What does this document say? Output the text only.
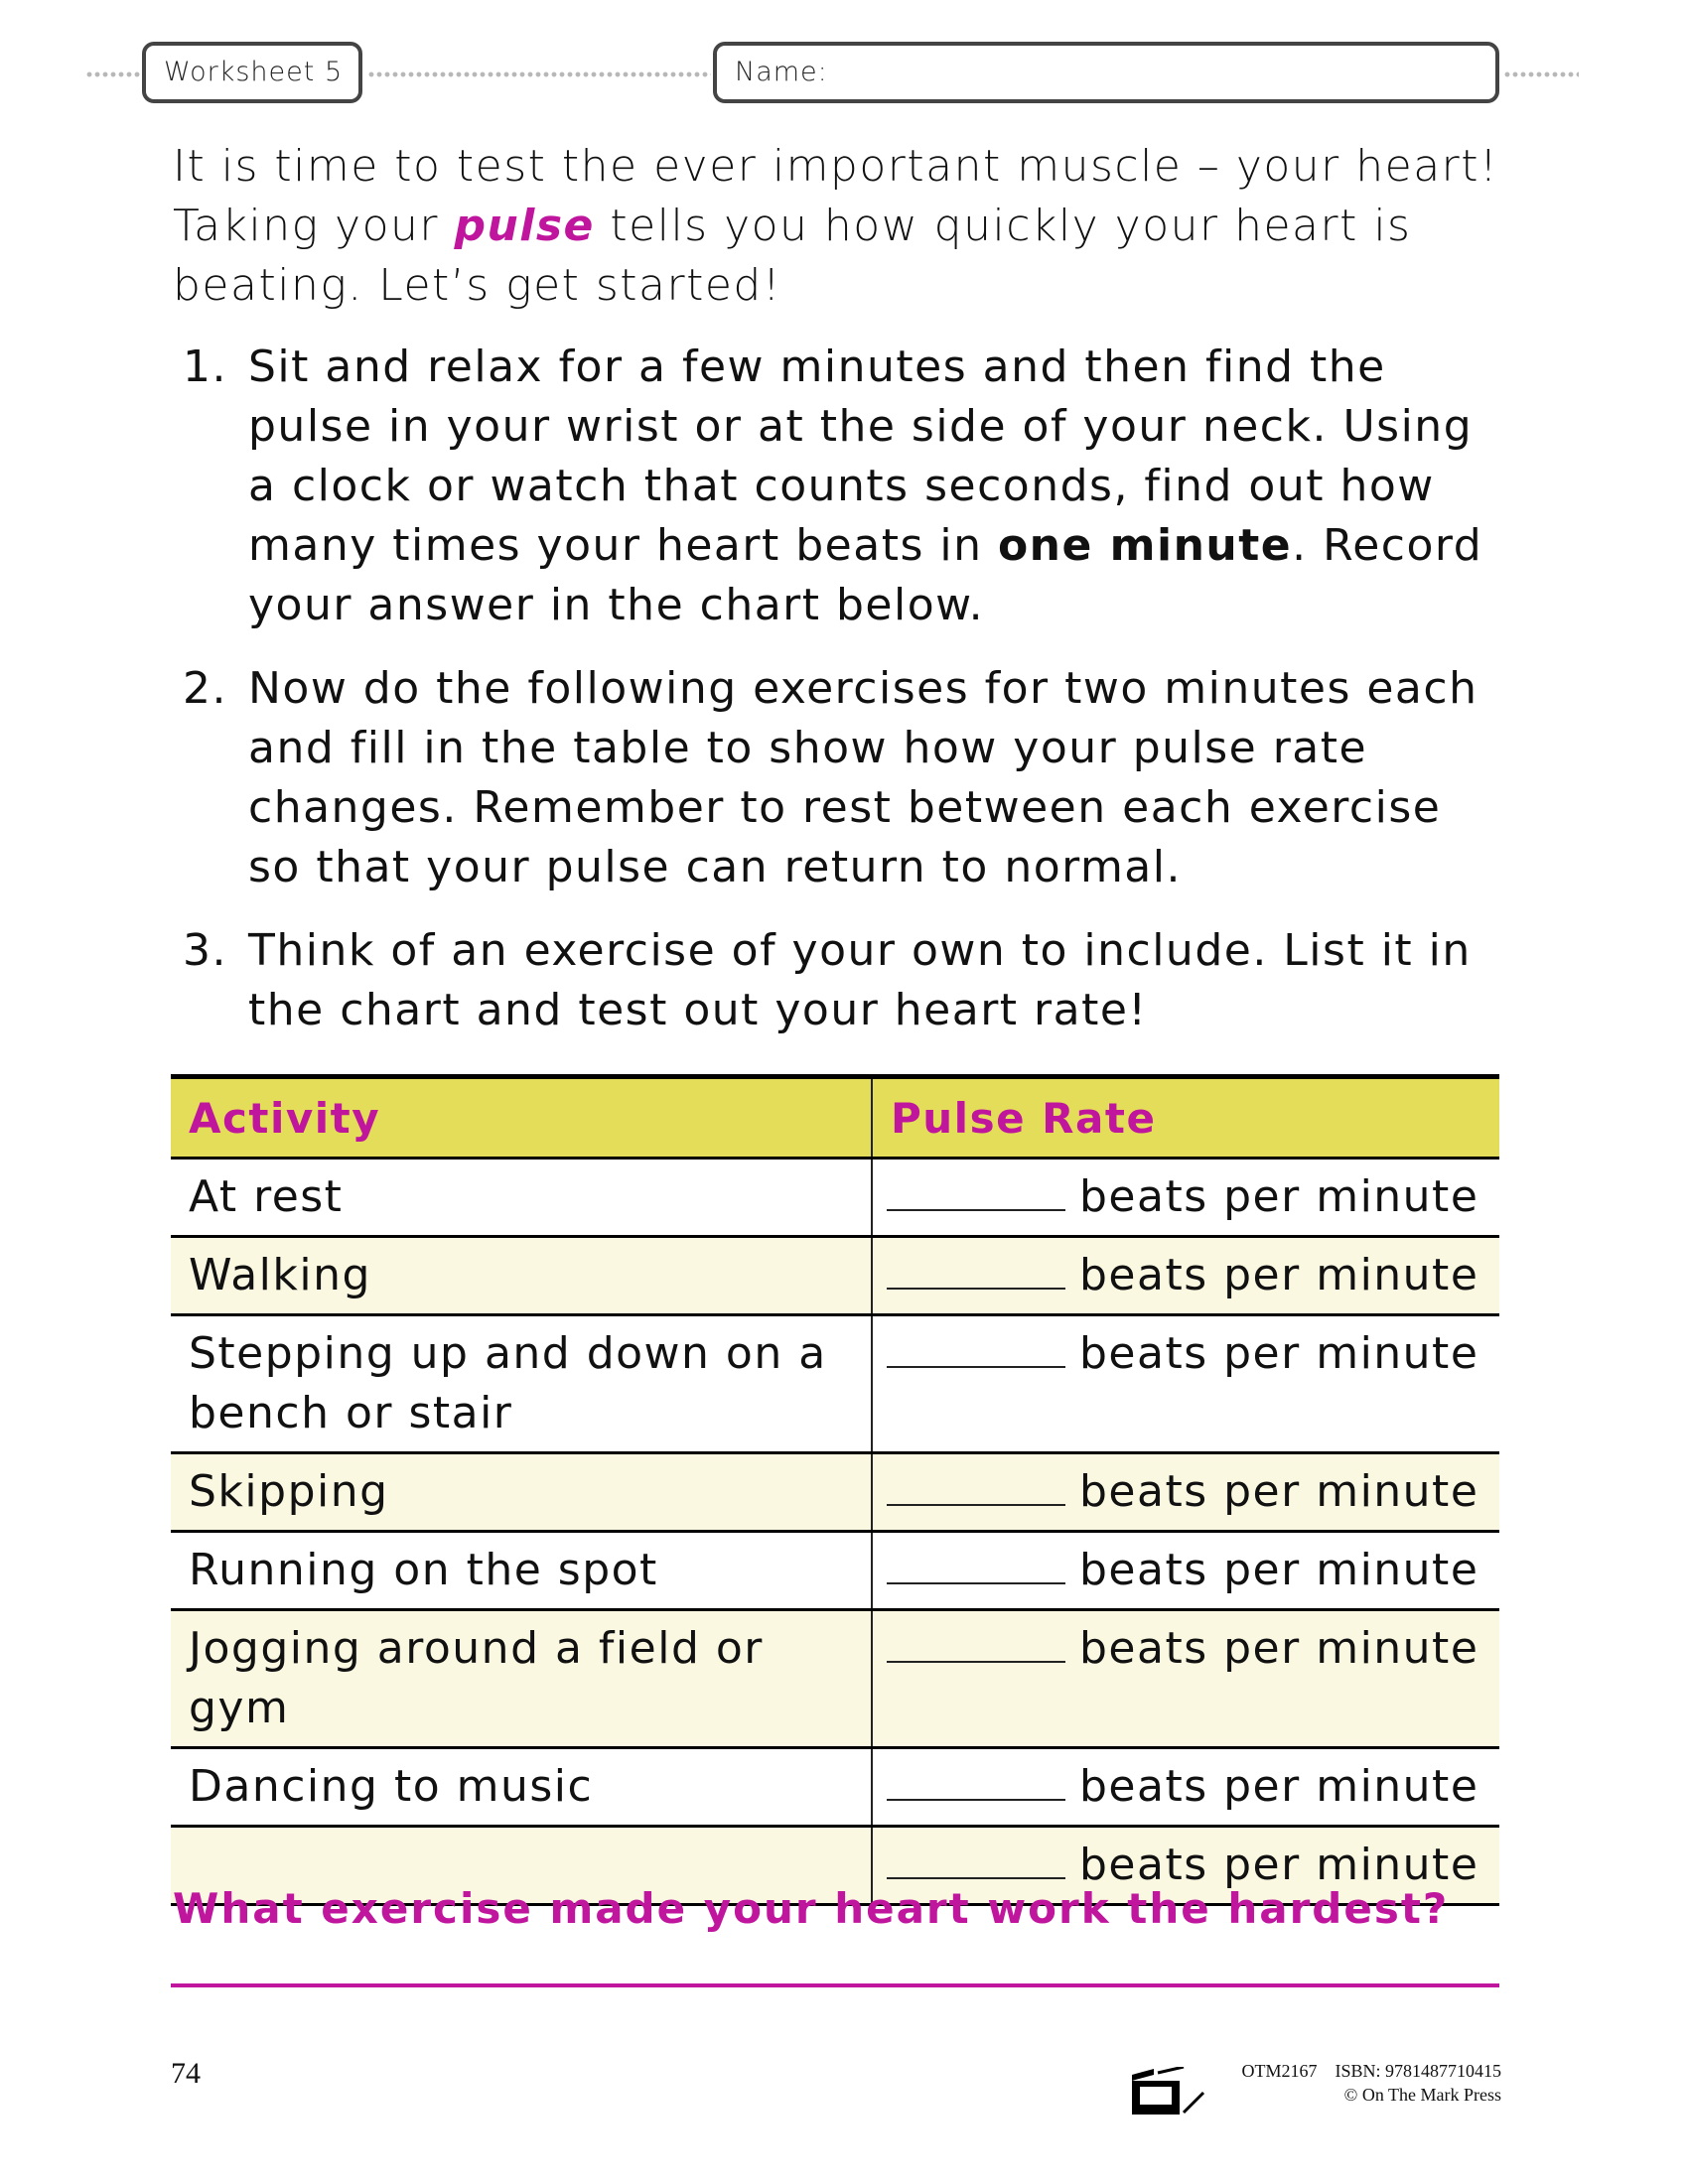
Worksheet 5	Name:

It is time to test the ever important muscle – your heart! Taking your pulse tells you how quickly your heart is beating. Let’s get started!

1. Sit and relax for a few minutes and then find the pulse in your wrist or at the side of your neck. Using a clock or watch that counts seconds, find out how many times your heart beats in one minute. Record your answer in the chart below.
2. Now do the following exercises for two minutes each and fill in the table to show how your pulse rate changes. Remember to rest between each exercise so that your pulse can return to normal.
3. Think of an exercise of your own to include. List it in the chart and test out your heart rate!
Activity	Pulse Rate
At rest	beats per minute
Walking	beats per minute
Stepping up and down on a bench or stair	beats per minute
Skipping	beats per minute
Running on the spot	beats per minute
Jogging around a field or gym	beats per minute
Dancing to music	beats per minute
	beats per minute
What exercise made your heart work the hardest?
74	OTM2167 ISBN: 9781487710415
© On The Mark Press
